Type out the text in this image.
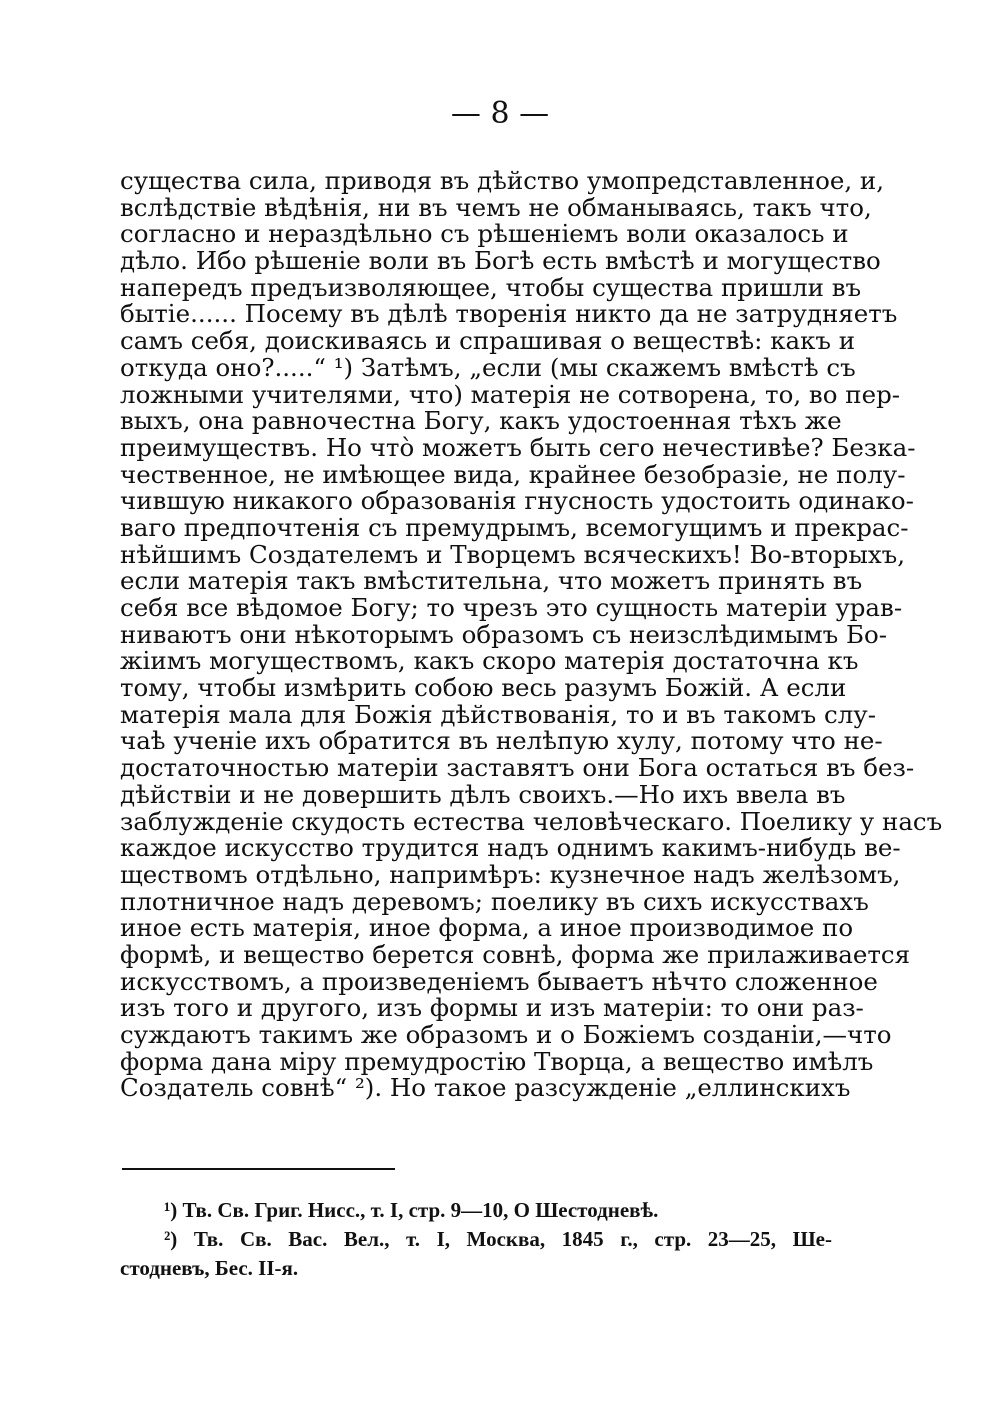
— 8 —
существа сила, приводя въ дѣйство умопредставленное, и,
вслѣдствіе вѣдѣнія, ни въ чемъ не обманываясь, такъ что,
согласно и нераздѣльно съ рѣшеніемъ воли оказалось и
дѣло. Ибо рѣшеніе воли въ Богѣ есть вмѣстѣ и могущество
напередъ предъизволяющее, чтобы существа пришли въ
бытіе...... Посему въ дѣлѣ творенія никто да не затрудняетъ
самъ себя, доискиваясь и спрашивая о веществѣ: какъ и
откуда оно?.....“ ¹) Затѣмъ, „если (мы скажемъ вмѣстѣ съ
ложными учителями, что) матерія не сотворена, то, во пер-
выхъ, она равночестна Богу, какъ удостоенная тѣхъ же
преимуществъ. Но что̀ можетъ быть сего нечестивѣе? Безка-
чественное, не имѣющее вида, крайнее безобразіе, не полу-
чившую никакого образованія гнусность удостоить одинако-
ваго предпочтенія съ премудрымъ, всемогущимъ и прекрас-
нѣйшимъ Создателемъ и Творцемъ всяческихъ! Во-вторыхъ,
если матерія такъ вмѣстительна, что можетъ принять въ
себя все вѣдомое Богу; то чрезъ это сущность матеріи урав-
ниваютъ они нѣкоторымъ образомъ съ неизслѣдимымъ Бо-
жіимъ могуществомъ, какъ скоро матерія достаточна къ
тому, чтобы измѣрить собою весь разумъ Божій. А если
матерія мала для Божія дѣйствованія, то и въ такомъ слу-
чаѣ ученіе ихъ обратится въ нелѣпую хулу, потому что не-
достаточностью матеріи заставятъ они Бога остаться въ без-
дѣйствіи и не довершить дѣлъ своихъ.—Но ихъ ввела въ
заблужденіе скудость естества человѣческаго. Поелику у насъ
каждое искусство трудится надъ однимъ какимъ-нибудь ве-
ществомъ отдѣльно, напримѣръ: кузнечное надъ желѣзомъ,
плотничное надъ деревомъ; поелику въ сихъ искусствахъ
иное есть матерія, иное форма, а иное производимое по
формѣ, и вещество берется совнѣ, форма же прилаживается
искусствомъ, а произведеніемъ бываетъ нѣчто сложенное
изъ того и другого, изъ формы и изъ матеріи: то они раз-
суждаютъ такимъ же образомъ и о Божіемъ созданіи,—что
форма дана міру премудростію Творца, а вещество имѣлъ
Создатель совнѣ“ ²). Но такое разсужденіе „еллинскихъ
¹) Тв. Св. Григ. Нисс., т. I, стр. 9—10, О Шестодневѣ.
²) Тв. Св. Вас. Вел., т. I, Москва, 1845 г., стр. 23—25, Ше-
стодневъ, Бес. II-я.
